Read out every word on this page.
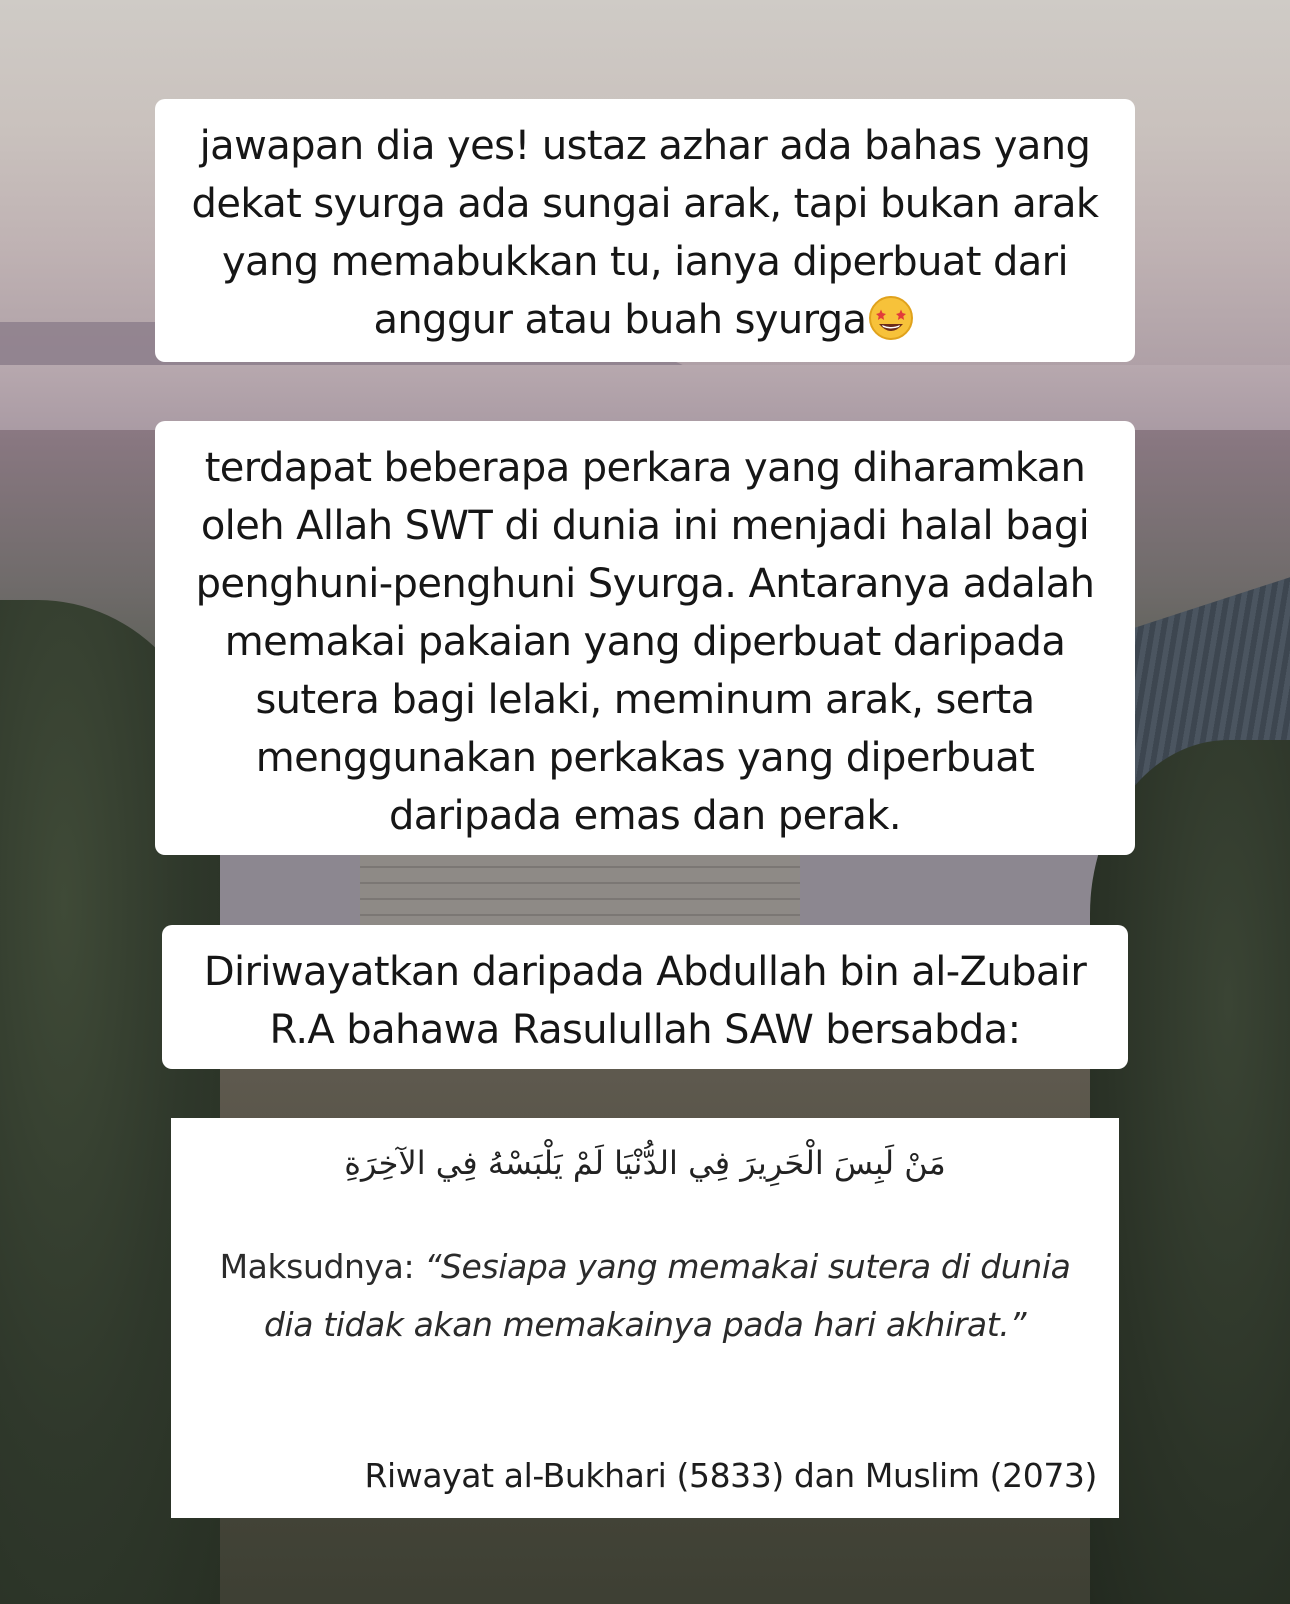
jawapan dia yes! ustaz azhar ada bahas yang dekat syurga ada sungai arak, tapi bukan arak yang memabukkan tu, ianya diperbuat dari anggur atau buah syurga

terdapat beberapa perkara yang diharamkan oleh Allah SWT di dunia ini menjadi halal bagi penghuni-penghuni Syurga. Antaranya adalah memakai pakaian yang diperbuat daripada sutera bagi lelaki, meminum arak, serta menggunakan perkakas yang diperbuat daripada emas dan perak.

Diriwayatkan daripada Abdullah bin al-Zubair R.A bahawa Rasulullah SAW bersabda:

مَنْ لَبِسَ الْحَرِيرَ فِي الدُّنْيَا لَمْ يَلْبَسْهُ فِي الآخِرَةِ
Maksudnya: “Sesiapa yang memakai sutera di dunia dia tidak akan memakainya pada hari akhirat.”
Riwayat al-Bukhari (5833) dan Muslim (2073)
